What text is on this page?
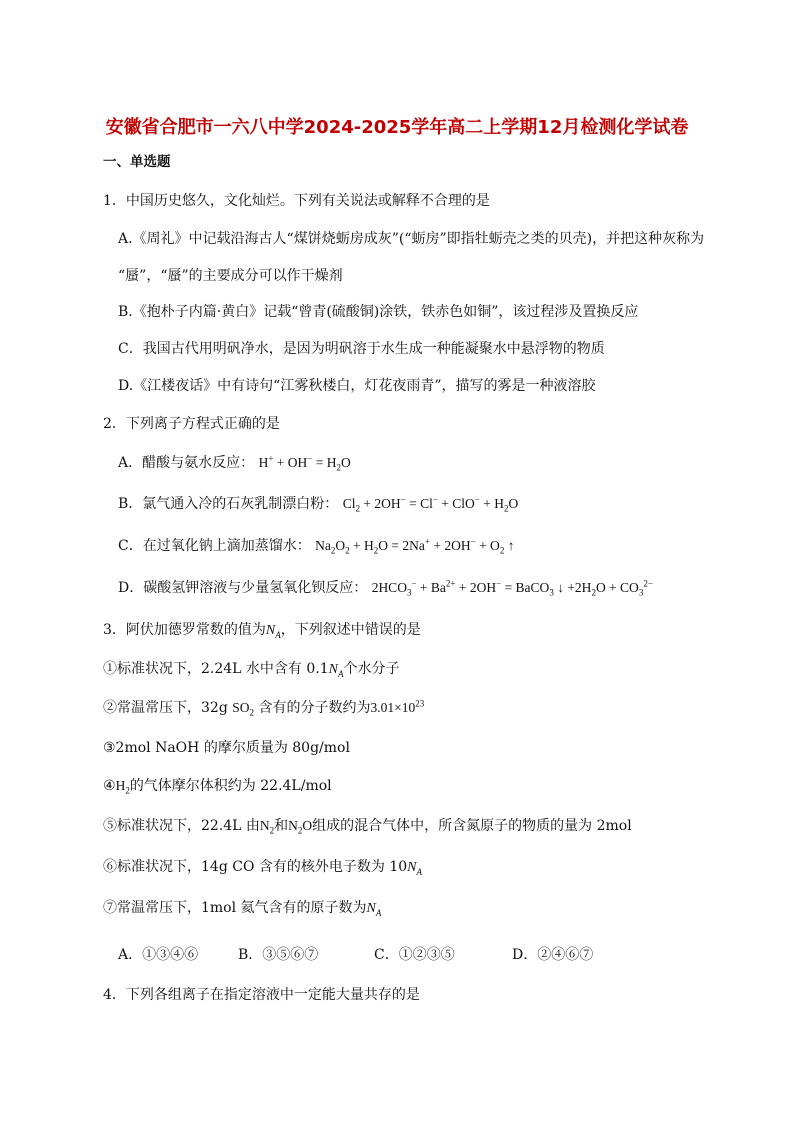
安徽省合肥市一六八中学2024-2025学年高二上学期12月检测化学试卷
一、单选题
1．中国历史悠久，文化灿烂。下列有关说法或解释不合理的是
A.《周礼》中记载沿海古人“煤饼烧蛎房成灰”(“蛎房”即指牡蛎壳之类的贝壳)，并把这种灰称为
“蜃”，“蜃”的主要成分可以作干燥剂
B.《抱朴子内篇·黄白》记载“曾青(硫酸铜)涂铁，铁赤色如铜”，该过程涉及置换反应
C．我国古代用明矾净水，是因为明矾溶于水生成一种能凝聚水中悬浮物的物质
D.《江楼夜话》中有诗句“江雾秋楼白，灯花夜雨青”，描写的雾是一种液溶胶
2．下列离子方程式正确的是
A．醋酸与氨水反应： $H^+ + OH^- = H_2O$
B．氯气通入冷的石灰乳制漂白粉： $Cl_2 + 2OH^- = Cl^- + ClO^- + H_2O$
C．在过氧化钠上滴加蒸馏水： $Na_2O_2 + H_2O = 2Na^+ + 2OH^- + O_2$ ↑
D．碳酸氢钾溶液与少量氢氧化钡反应： $2HCO_3^- + Ba^{2+} + 2OH^-$ = BaCO$_3$ ↓ $+2H_2O + CO_3^{2-}$
3．阿伏加德罗常数的值为$N_A$，下列叙述中错误的是
①标准状况下，2.24L 水中含有 $0.1N_A$个水分子
②常温常压下，32g $SO_2$ 含有的分子数约为$3.01\times 10^{23}$
③2mol NaOH 的摩尔质量为 80g/mol
$④H_2$的气体摩尔体积约为 22.4L/mol
⑤标准状况下，22.4L 由$N_2$和$N_2O$组成的混合气体中，所含氮原子的物质的量为 2mol
⑥标准状况下，14g CO 含有的核外电子数为 $10N_A$
⑦常温常压下，1mol 氦气含有的原子数为$N_A$
A．①③④⑥	B．③⑤⑥⑦	C．①②③⑤	D．②④⑥⑦
4．下列各组离子在指定溶液中一定能大量共存的是
